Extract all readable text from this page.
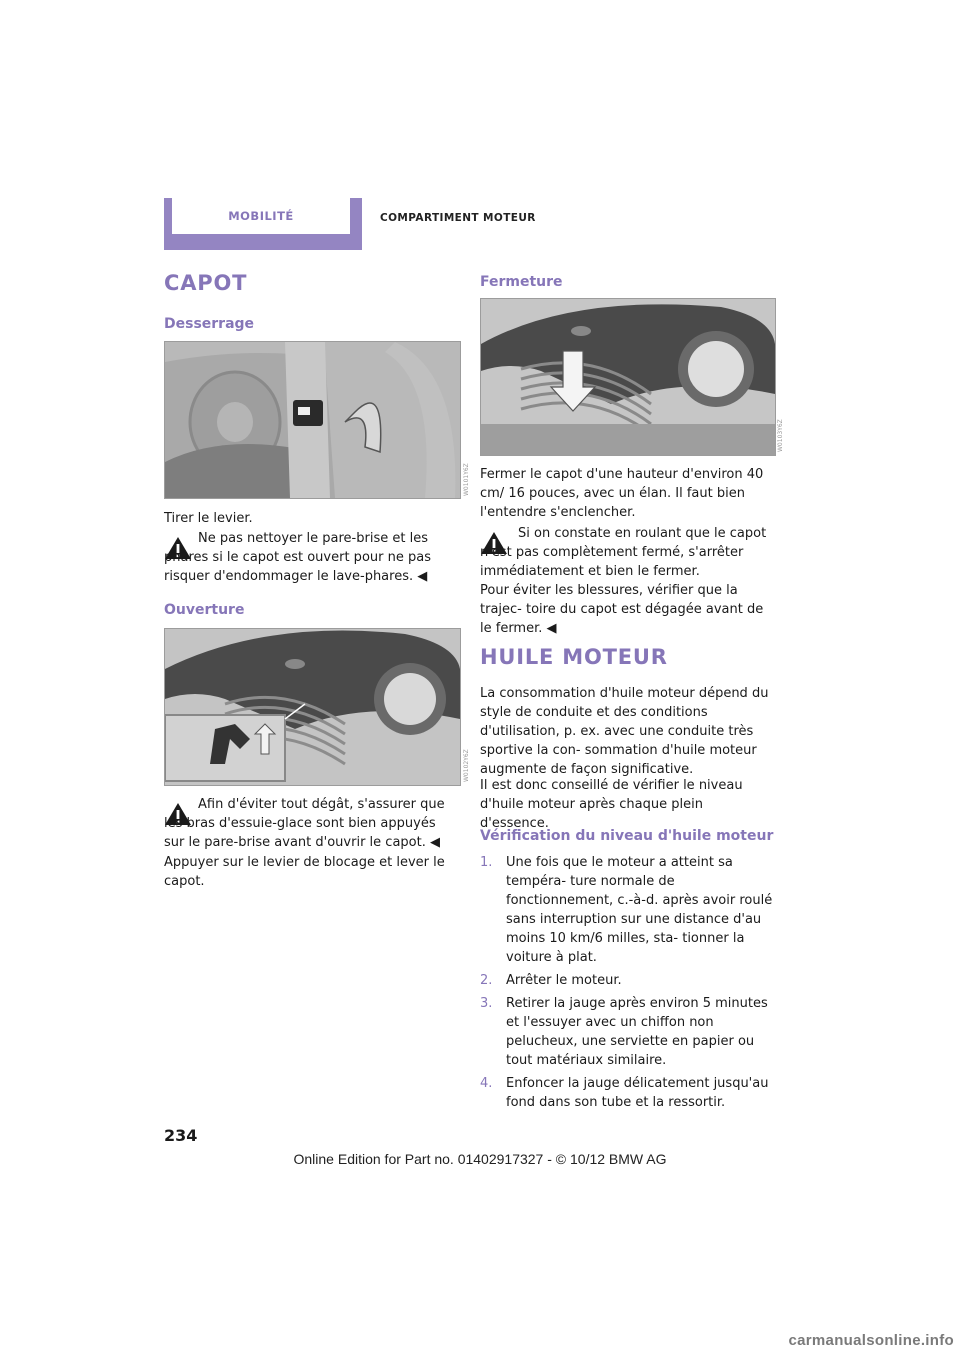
MOBILITÉ	COMPARTIMENT MOTEUR
CAPOT
Desserrage
W0101Y6Z
Tirer le levier.
Ne pas nettoyer le pare-brise et les phares si le capot est ouvert pour ne pas risquer d'endommager le lave-phares. ◀
Ouverture
W0102Y6Z
Afin d'éviter tout dégât, s'assurer que les bras d'essuie-glace sont bien appuyés sur le pare-brise avant d'ouvrir le capot. ◀
Appuyer sur le levier de blocage et lever le capot.
Fermeture
W0103Y6Z
Fermer le capot d'une hauteur d'environ 40 cm/ 16 pouces, avec un élan. Il faut bien l'entendre s'enclencher.
Si on constate en roulant que le capot n'est pas complètement fermé, s'arrêter immédiatement et bien le fermer.
Pour éviter les blessures, vérifier que la trajec- toire du capot est dégagée avant de le fermer. ◀
HUILE MOTEUR
La consommation d'huile moteur dépend du style de conduite et des conditions d'utilisation, p. ex. avec une conduite très sportive la con- sommation d'huile moteur augmente de façon significative.
Il est donc conseillé de vérifier le niveau d'huile moteur après chaque plein d'essence.
Vérification du niveau d'huile moteur
1. Une fois que le moteur a atteint sa tempéra- ture normale de fonctionnement, c.-à-d. après avoir roulé sans interruption sur une distance d'au moins 10 km/6 milles, sta- tionner la voiture à plat.
2. Arrêter le moteur.
3. Retirer la jauge après environ 5 minutes et l'essuyer avec un chiffon non pelucheux, une serviette en papier ou tout matériaux similaire.
4. Enfoncer la jauge délicatement jusqu'au fond dans son tube et la ressortir.
234
Online Edition for Part no. 01402917327 - © 10/12 BMW AG
carmanualsonline.info
